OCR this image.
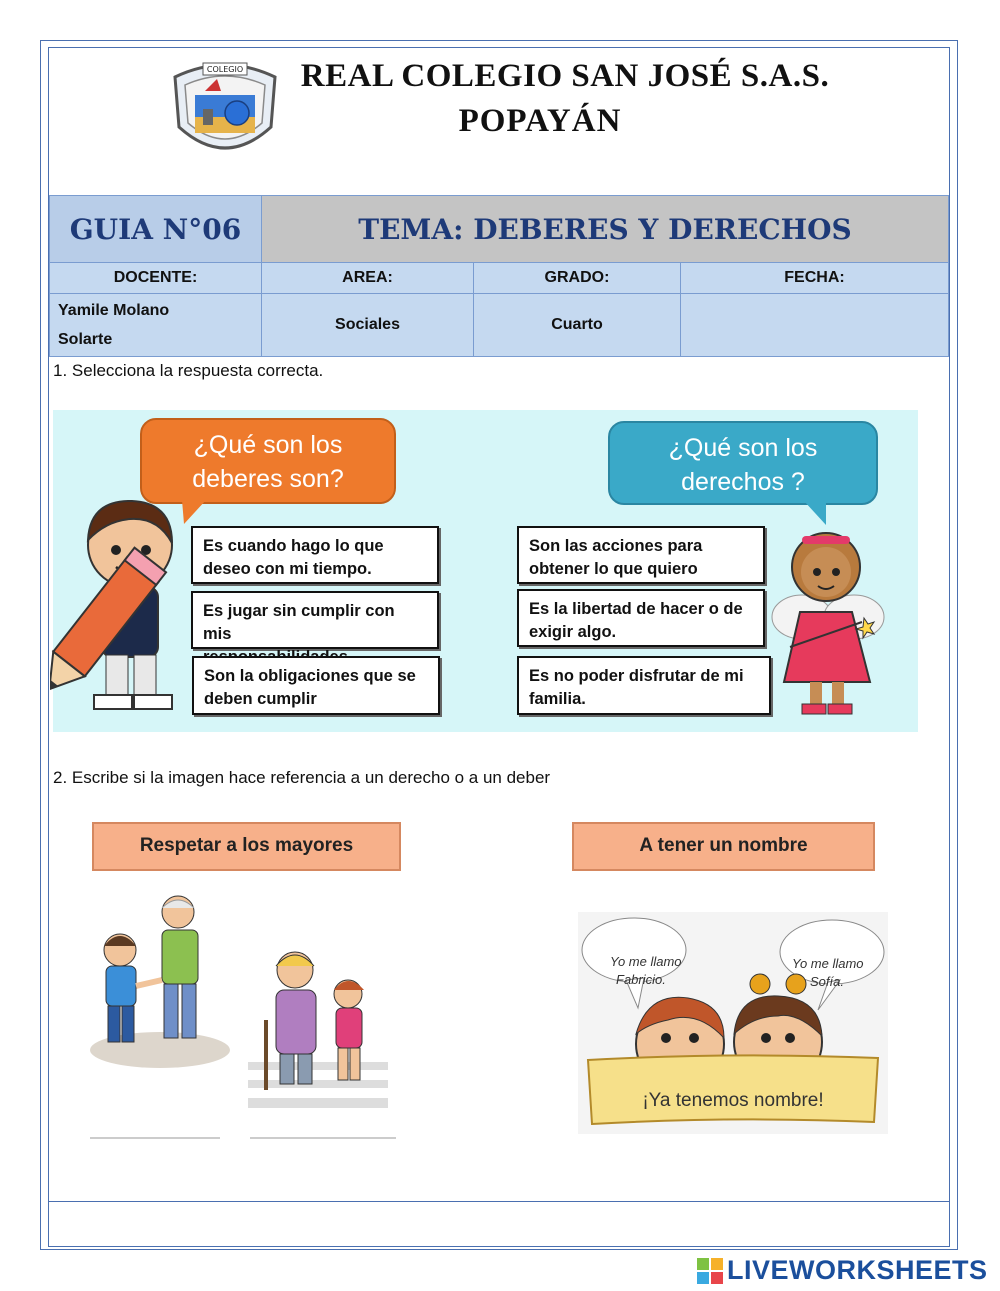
COLEGIO REAL COLEGIO SAN JOSÉ S.A.S.
POPAYÁN
GUIA N°06	TEMA: DEBERES Y DERECHOS		
DOCENTE:	AREA:	GRADO:	FECHA:

Yamile Molano
Solarte	Sociales	Cuarto	
1. Selecciona la respuesta correcta.
¿Qué son los
deberes son?
¿Qué son los
derechos ?
Es cuando hago lo que
deseo con mi tiempo.
Es jugar sin cumplir con mis
Son la obligaciones que se
deben cumplir
Son las acciones para
obtener lo que quiero
Es la libertad de hacer o de
exigir algo.
Es no poder disfrutar de mi
familia.
2. Escribe si la imagen hace referencia a un derecho o a un deber
Respetar a los mayores	A tener un nombre
Yo me llamo
Fabricio.
Yo me llamo
Sofía.
¡Ya tenemos nombre!
LIVEWORKSHEETS
